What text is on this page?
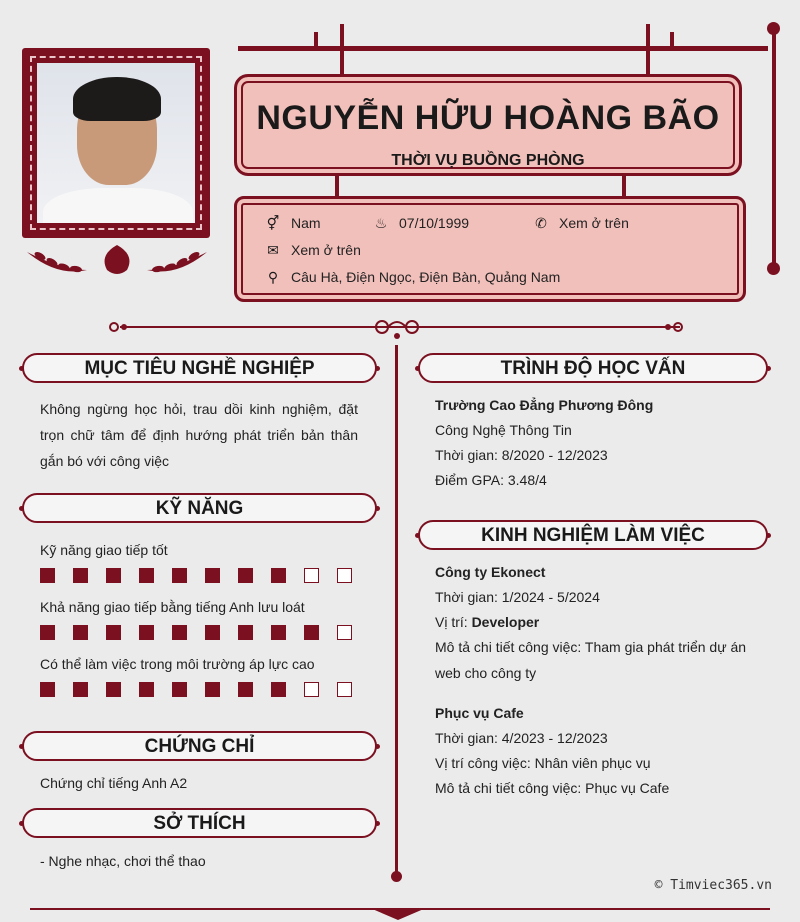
NGUYỄN HỮU HOÀNG BÃO
THỜI VỤ BUỒNG PHÒNG
⚥ Nam	♨ 07/10/1999	✆ Xem ở trên
✉ Xem ở trên
⚲ Câu Hà, Điện Ngọc, Điện Bàn, Quảng Nam
MỤC TIÊU NGHỀ NGHIỆP
Không ngừng học hỏi, trau dồi kinh nghiệm, đặt trọn chữ tâm để định hướng phát triển bản thân gắn bó với công việc
KỸ NĂNG
Kỹ năng giao tiếp tốt
Khả năng giao tiếp bằng tiếng Anh lưu loát
Có thể làm việc trong môi trường áp lực cao
CHỨNG CHỈ
Chứng chỉ tiếng Anh A2
SỞ THÍCH
- Nghe nhạc, chơi thể thao
TRÌNH ĐỘ HỌC VẤN
Trường Cao Đẳng Phương Đông
Công Nghệ Thông Tin
Thời gian: 8/2020 - 12/2023
Điểm GPA: 3.48/4
KINH NGHIỆM LÀM VIỆC
Công ty Ekonect
Thời gian: 1/2024 - 5/2024
Vị trí: Developer
Mô tả chi tiết công việc: Tham gia phát triển dự án
web cho công ty
Phục vụ Cafe
Thời gian: 4/2023 - 12/2023
Vị trí công việc: Nhân viên phục vụ
Mô tả chi tiết công việc: Phục vụ Cafe
© Timviec365.vn
